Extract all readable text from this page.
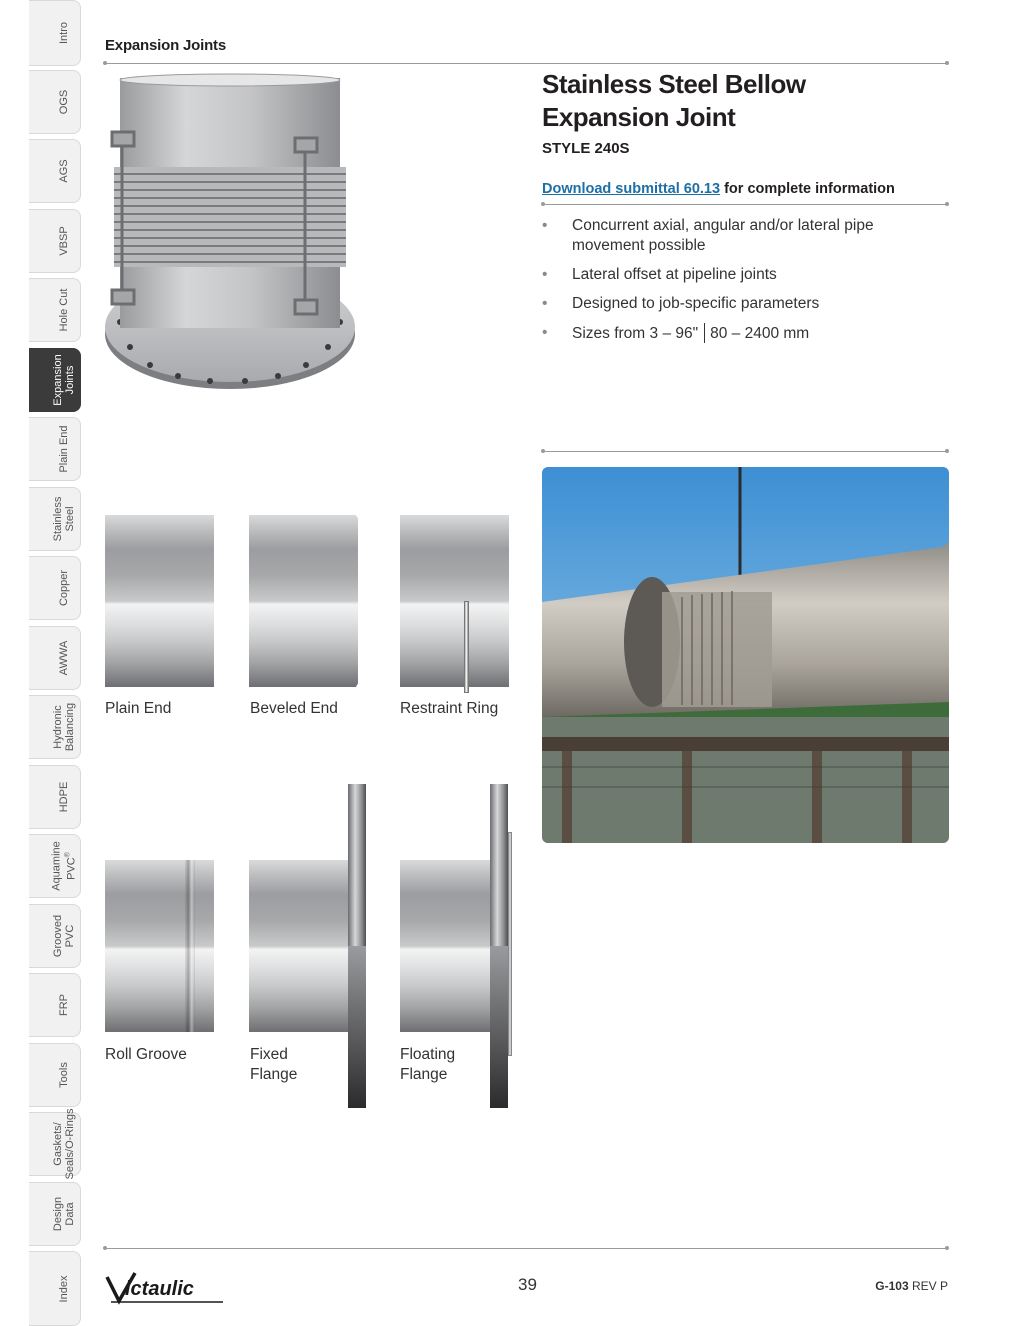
Intro
OGS
AGS
VBSP
Hole Cut
Expansion
Joints
Plain End
Stainless
Steel
Copper
AWWA
Hydronic
Balancing
HDPE
Aquamine
PVC®
Grooved
PVC
FRP
Tools
Gaskets/
Seals/O-Rings
Design
Data
Index
Expansion Joints
Stainless Steel Bellow
Expansion Joint
STYLE 240S
Download submittal 60.13 for complete information
• Concurrent axial, angular and/or lateral pipe movement possible
• Lateral offset at pipeline joints
• Designed to job-specific parameters
• Sizes from 3 – 96" 80 – 2400 mm
Plain End	Beveled End	Restraint Ring
Roll Groove	Fixed
Flange
Floating
Flange
ictaulic	39	G-103 REV P
